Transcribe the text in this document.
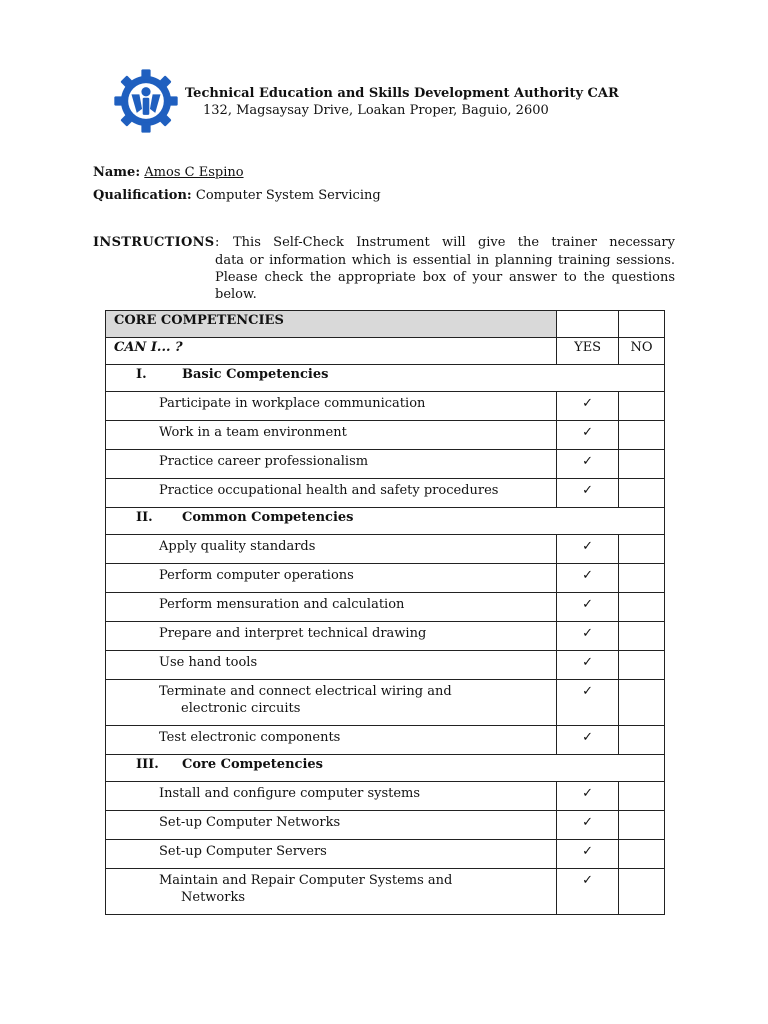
Technical Education and Skills Development Authority CAR
132, Magsaysay Drive, Loakan Proper, Baguio, 2600
Name: Amos C Espino
Qualification: Computer System Servicing
INSTRUCTIONS : This Self-Check Instrument will give the trainer necessary
data or information which is essential in planning training sessions. Please check the appropriate box of your answer to the questions below.
CORE COMPETENCIES		
CAN I... ?	YES	NO
I. Basic Competencies		
Participate in workplace communication	✓	
Work in a team environment	✓	
Practice career professionalism	✓	
Practice occupational health and safety procedures	✓	
II. Common Competencies		
Apply quality standards	✓	
Perform computer operations	✓	
Perform mensuration and calculation	✓	
Prepare and interpret technical drawing	✓	
Use hand tools	✓	
Terminate and connect electrical wiring and
electronic circuits	✓	
Test electronic components	✓	
III. Core Competencies		
Install and configure computer systems	✓	
Set-up Computer Networks	✓	
Set-up Computer Servers	✓	
Maintain and Repair Computer Systems and
Networks	✓	
